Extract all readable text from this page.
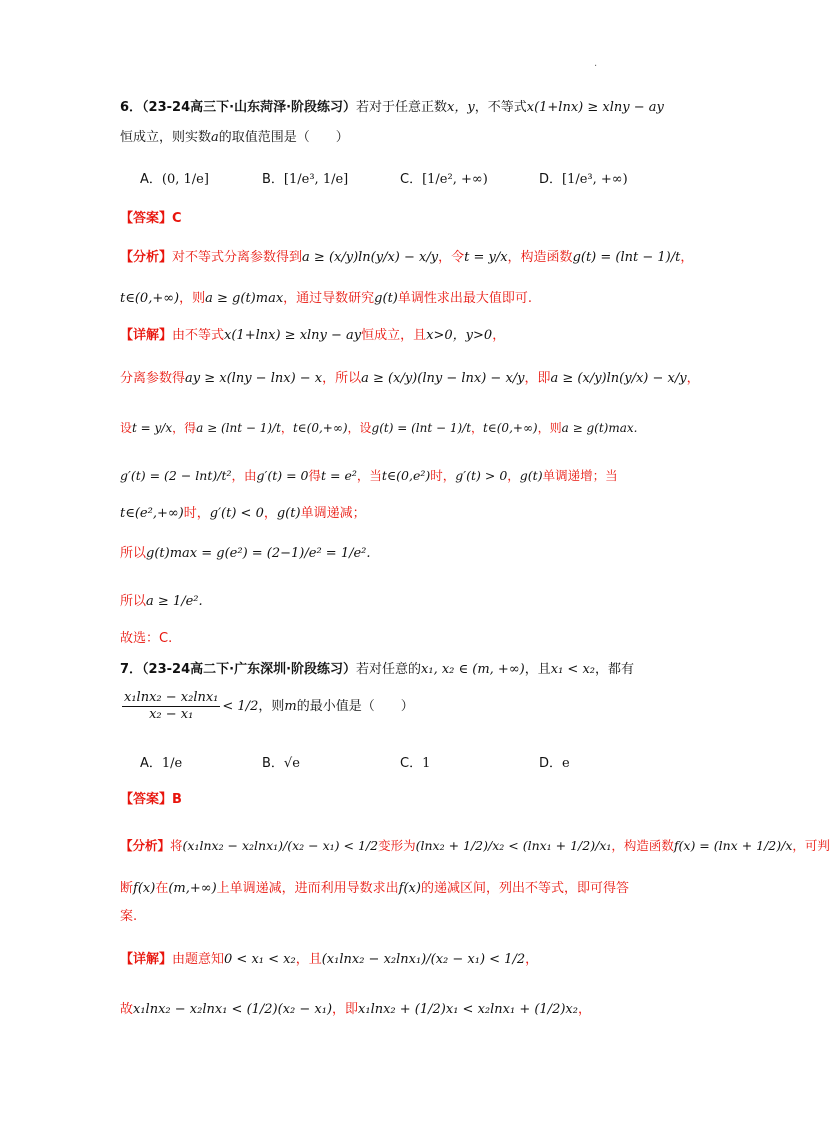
.
6．（23-24高三下·山东菏泽·阶段练习）若对于任意正数x，y，不等式x(1+lnx) ≥ xlny − ay
恒成立，则实数a的取值范围是（　　）
A．(0, 1/e]	B．[1/e³, 1/e]	C．[1/e², +∞)	D．[1/e³, +∞)
【答案】C
【分析】对不等式分离参数得到a ≥ (x/y)ln(y/x) − x/y，令t = y/x，构造函数g(t) = (lnt − 1)/t，
t∈(0,+∞)，则a ≥ g(t)max，通过导数研究g(t)单调性求出最大值即可.
【详解】由不等式x(1+lnx) ≥ xlny − ay恒成立，且x>0，y>0，
分离参数得ay ≥ x(lny − lnx) − x，所以a ≥ (x/y)(lny − lnx) − x/y，即a ≥ (x/y)ln(y/x) − x/y，
设t = y/x，得a ≥ (lnt − 1)/t，t∈(0,+∞)，设g(t) = (lnt − 1)/t，t∈(0,+∞)，则a ≥ g(t)max.
g′(t) = (2 − lnt)/t²，由g′(t) = 0得t = e²，当t∈(0,e²)时，g′(t) > 0，g(t)单调递增；当
t∈(e²,+∞)时，g′(t) < 0，g(t)单调递减；
所以g(t)max = g(e²) = (2−1)/e² = 1/e².
所以a ≥ 1/e².
故选：C.
7．（23-24高二下·广东深圳·阶段练习）若对任意的x₁, x₂ ∈ (m, +∞)，且x₁ < x₂，都有
$\frac{\text{x₁lnx₂ − x₂lnx₁}}{\text{x₂ − x₁}} < 1/2$，则m的最小值是（　　）
A．1/e	B．√e	C．1	D．e
【答案】B
【分析】将(x₁lnx₂ − x₂lnx₁)/(x₂ − x₁) < 1/2变形为(lnx₂ + 1/2)/x₂ < (lnx₁ + 1/2)/x₁，构造函数f(x) = (lnx + 1/2)/x，可判
断f(x)在(m,+∞)上单调递减，进而利用导数求出f(x)的递减区间，列出不等式，即可得答
案.
【详解】由题意知0 < x₁ < x₂，且(x₁lnx₂ − x₂lnx₁)/(x₂ − x₁) < 1/2，
故x₁lnx₂ − x₂lnx₁ < (1/2)(x₂ − x₁)，即x₁lnx₂ + (1/2)x₁ < x₂lnx₁ + (1/2)x₂，
